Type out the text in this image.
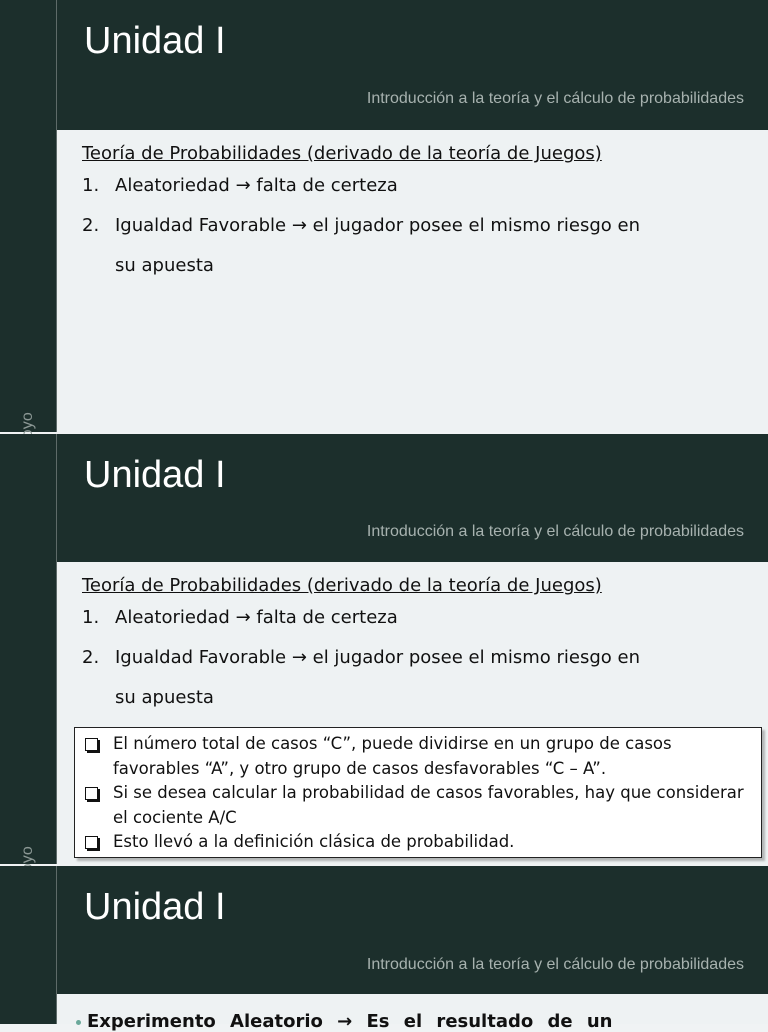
Unidad I

Introducción a la teoría y el cálculo de probabilidades

Teoría de Probabilidades (derivado de la teoría de Juegos)

1. Aleatoriedad → falta de certeza
2. Igualdad Favorable → el jugador posee el mismo riesgo en
su apuesta
Unidad I

Introducción a la teoría y el cálculo de probabilidades

Teoría de Probabilidades (derivado de la teoría de Juegos)

1. Aleatoriedad → falta de certeza
2. Igualdad Favorable → el jugador posee el mismo riesgo en
su apuesta
El número total de casos “C”, puede dividirse en un grupo de casos favorables “A”, y otro grupo de casos desfavorables “C – A”.
Si se desea calcular la probabilidad de casos favorables, hay que considerar el cociente A/C
Esto llevó a la definición clásica de probabilidad.
Unidad I

Introducción a la teoría y el cálculo de probabilidades

Experimento Aleatorio → Es el resultado de un
